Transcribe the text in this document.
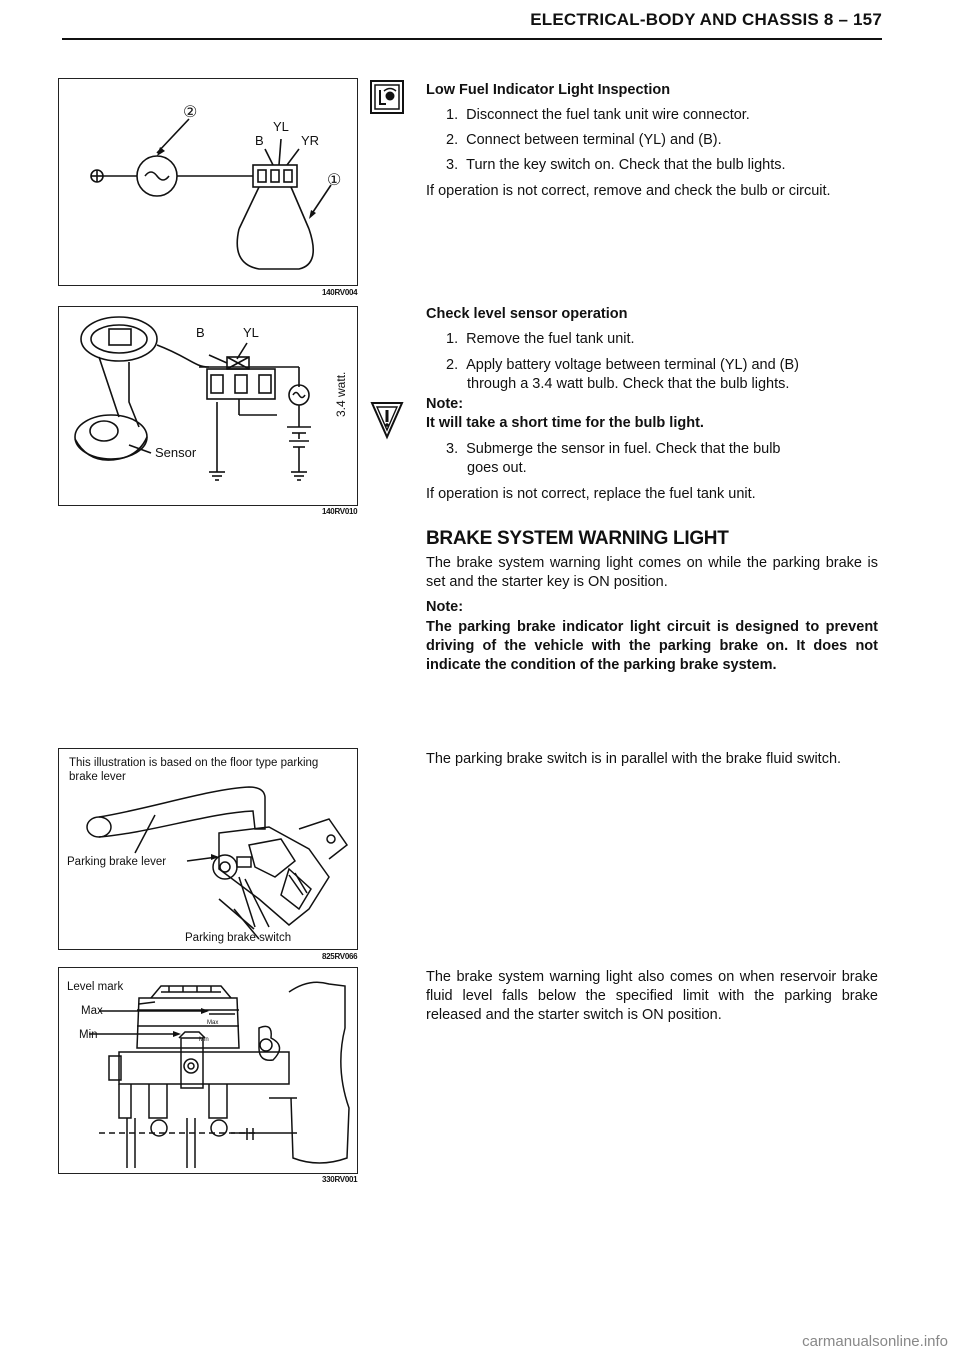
ELECTRICAL-BODY AND CHASSIS 8 – 157
②
①
B
YL
YR
140RV004
B	YL
Sensor
3.4 watt.
140RV010
This illustration is based on the floor type parking brake lever
Parking brake lever
Parking brake switch
825RV066
Level mark
Max
Min
Max
Min
330RV001
Low Fuel Indicator Light Inspection
1. Disconnect the fuel tank unit wire connector.
2. Connect between terminal (YL) and (B).
3. Turn the key switch on. Check that the bulb lights.
If operation is not correct, remove and check the bulb or circuit.
Check level sensor operation
1. Remove the fuel tank unit.
2. Apply battery voltage between terminal (YL) and (B)
through a 3.4 watt bulb. Check that the bulb lights.
Note:
It will take a short time for the bulb light.
3. Submerge the sensor in fuel. Check that the bulb
goes out.
If operation is not correct, replace the fuel tank unit.
BRAKE SYSTEM WARNING LIGHT
The brake system warning light comes on while the parking brake is set and the starter key is ON position.
Note:
The parking brake indicator light circuit is designed to prevent driving of the vehicle with the parking brake on. It does not indicate the condition of the parking brake system.
The parking brake switch is in parallel with the brake fluid switch.
The brake system warning light also comes on when reservoir brake fluid level falls below the specified limit with the parking brake released and the starter switch is ON position.
carmanualsonline.info
